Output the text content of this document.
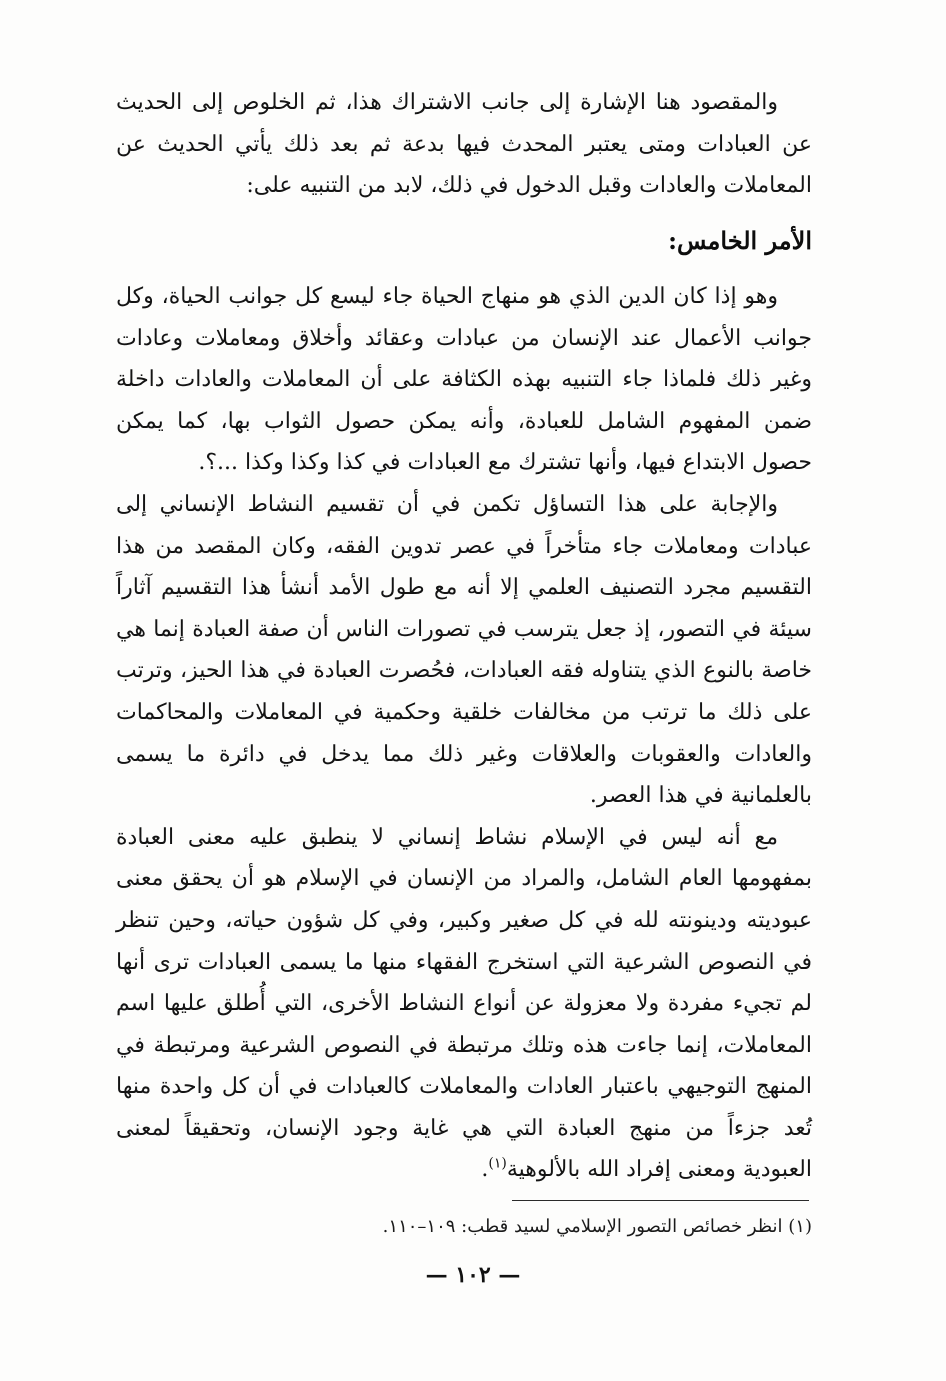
والمقصود هنا الإشارة إلى جانب الاشتراك هذا، ثم الخلوص إلى الحديث عن العبادات ومتى يعتبر المحدث فيها بدعة ثم بعد ذلك يأتي الحديث عن المعاملات والعادات وقبل الدخول في ذلك، لابد من التنبيه على:

الأمر الخامس:

وهو إذا كان الدين الذي هو منهاج الحياة جاء ليسع كل جوانب الحياة، وكل جوانب الأعمال عند الإنسان من عبادات وعقائد وأخلاق ومعاملات وعادات وغير ذلك فلماذا جاء التنبيه بهذه الكثافة على أن المعاملات والعادات داخلة ضمن المفهوم الشامل للعبادة، وأنه يمكن حصول الثواب بها، كما يمكن حصول الابتداع فيها، وأنها تشترك مع العبادات في كذا وكذا وكذا ...؟.

والإجابة على هذا التساؤل تكمن في أن تقسيم النشاط الإنساني إلى عبادات ومعاملات جاء متأخراً في عصر تدوين الفقه، وكان المقصد من هذا التقسيم مجرد التصنيف العلمي إلا أنه مع طول الأمد أنشأ هذا التقسيم آثاراً سيئة في التصور، إذ جعل يترسب في تصورات الناس أن صفة العبادة إنما هي خاصة بالنوع الذي يتناوله فقه العبادات، فحُصرت العبادة في هذا الحيز، وترتب على ذلك ما ترتب من مخالفات خلقية وحكمية في المعاملات والمحاكمات والعادات والعقوبات والعلاقات وغير ذلك مما يدخل في دائرة ما يسمى بالعلمانية في هذا العصر.

مع أنه ليس في الإسلام نشاط إنساني لا ينطبق عليه معنى العبادة بمفهومها العام الشامل، والمراد من الإنسان في الإسلام هو أن يحقق معنى عبوديته ودينونته لله في كل صغير وكبير، وفي كل شؤون حياته، وحين تنظر في النصوص الشرعية التي استخرج الفقهاء منها ما يسمى العبادات ترى أنها لم تجيء مفردة ولا معزولة عن أنواع النشاط الأخرى، التي أُطلق عليها اسم المعاملات، إنما جاءت هذه وتلك مرتبطة في النصوص الشرعية ومرتبطة في المنهج التوجيهي باعتبار العادات والمعاملات كالعبادات في أن كل واحدة منها تُعد جزءاً من منهج العبادة التي هي غاية وجود الإنسان، وتحقيقاً لمعنى العبودية ومعنى إفراد الله بالألوهية$^{(١)}$.

(١) انظر خصائص التصور الإسلامي لسيد قطب: ١٠٩–١١٠.
— ١٠٢ —
